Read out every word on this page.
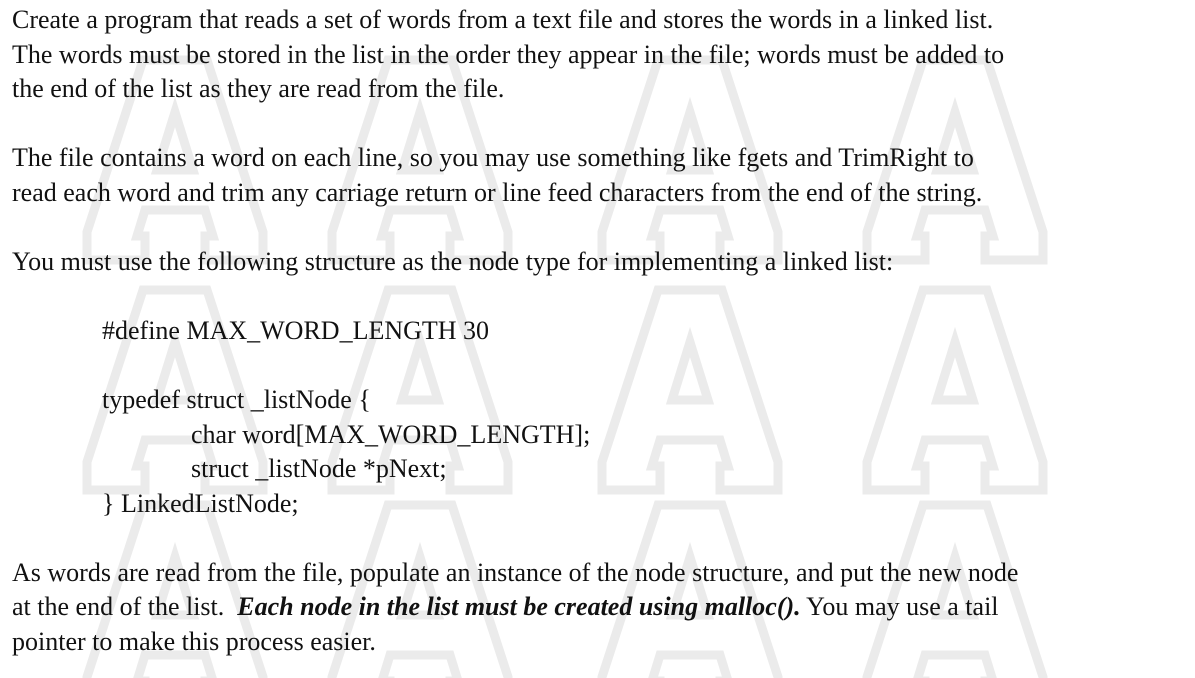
Create a program that reads a set of words from a text file and stores the words in a linked list.
The words must be stored in the list in the order they appear in the file; words must be added to
the end of the list as they are read from the file.
The file contains a word on each line, so you may use something like fgets and TrimRight to
read each word and trim any carriage return or line feed characters from the end of the string.
You must use the following structure as the node type for implementing a linked list:
#define MAX_WORD_LENGTH 30
typedef struct _listNode {
char word[MAX_WORD_LENGTH];
struct _listNode *pNext;
} LinkedListNode;
As words are read from the file, populate an instance of the node structure, and put the new node
at the end of the list.  Each node in the list must be created using malloc(). You may use a tail
pointer to make this process easier.
